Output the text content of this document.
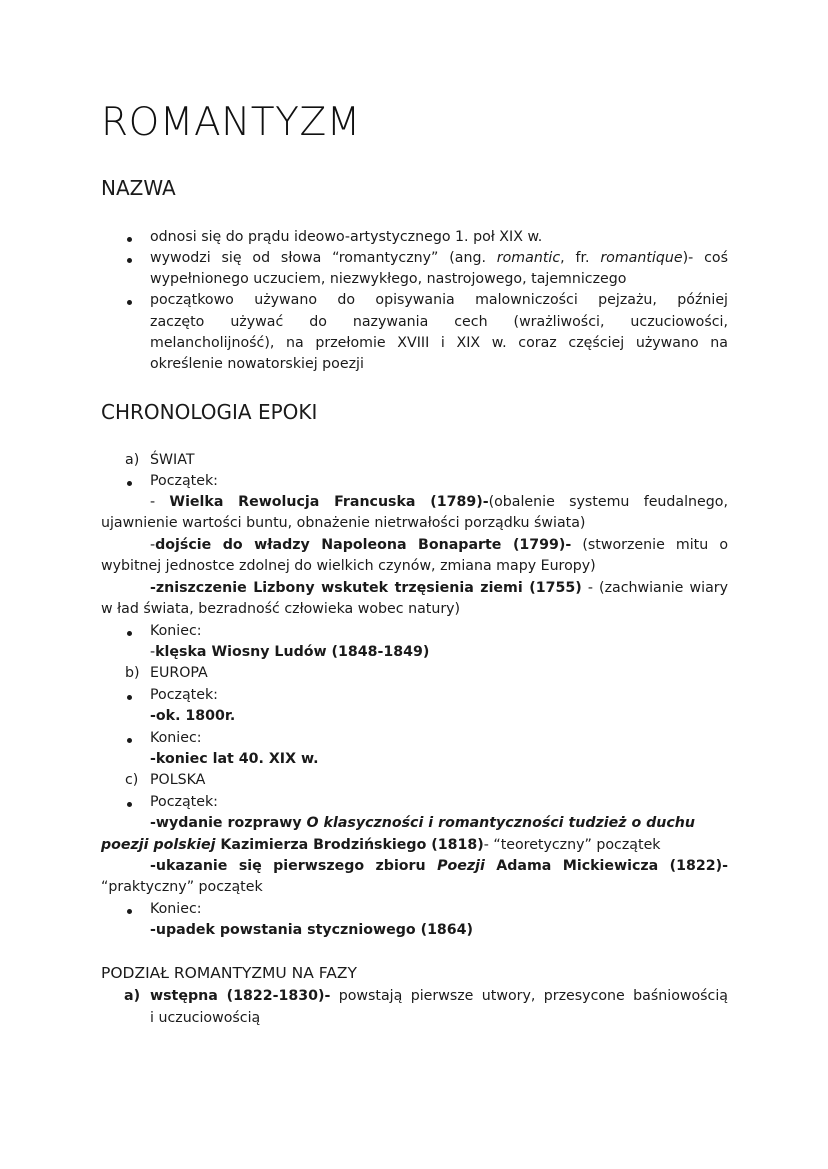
ROMANTYZM
NAZWA
odnosi się do prądu ideowo-artystycznego 1. poł XIX w.
wywodzi się od słowa “romantyczny” (ang. romantic, fr. romantique)- coś
wypełnionego uczuciem, niezwykłego, nastrojowego, tajemniczego
początkowo używano do opisywania malowniczości pejzażu, później
zaczęto używać do nazywania cech (wrażliwości, uczuciowości,
melancholijność), na przełomie XVIII i XIX w. coraz częściej używano na
określenie nowatorskiej poezji
CHRONOLOGIA EPOKI
a) ŚWIAT
Początek:
- Wielka Rewolucja Francuska (1789)-(obalenie systemu feudalnego,
ujawnienie wartości buntu, obnażenie nietrwałości porządku świata)
-dojście do władzy Napoleona Bonaparte (1799)- (stworzenie mitu o
wybitnej jednostce zdolnej do wielkich czynów, zmiana mapy Europy)
-zniszczenie Lizbony wskutek trzęsienia ziemi (1755) - (zachwianie wiary
w ład świata, bezradność człowieka wobec natury)
Koniec:
-klęska Wiosny Ludów (1848-1849)
b) EUROPA
Początek:
-ok. 1800r.
Koniec:
-koniec lat 40. XIX w.
c) POLSKA
Początek:
-wydanie rozprawy O klasyczności i romantyczności tudzież o duchu
poezji polskiej Kazimierza Brodzińskiego (1818)- “teoretyczny” początek
-ukazanie się pierwszego zbioru Poezji Adama Mickiewicza (1822)-
“praktyczny” początek
Koniec:
-upadek powstania styczniowego (1864)
PODZIAŁ ROMANTYZMU NA FAZY
a) wstępna (1822-1830)- powstają pierwsze utwory, przesycone baśniowością
i uczuciowością
